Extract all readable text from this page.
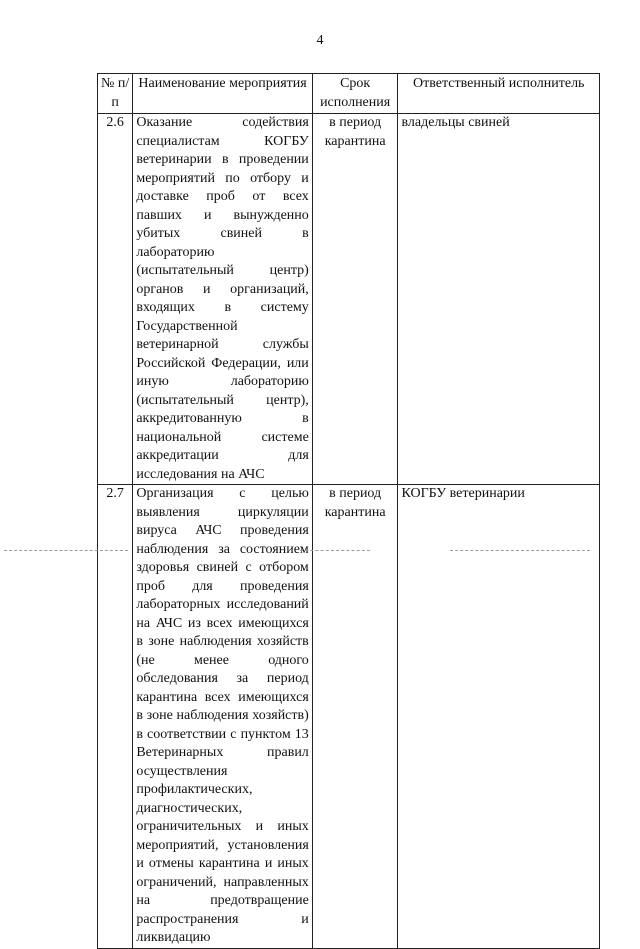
4
№ п/п	Наименование мероприятия	Срок исполнения	Ответственный исполнитель
2.6	Оказание содействия специалистам КОГБУ ветеринарии в проведении мероприятий по отбору и доставке проб от всех павших и вынужденно убитых свиней в лабораторию (испытательный центр) органов и организаций, входящих в систему Государственной ветеринарной службы Российской Федерации, или иную лабораторию (испытательный центр), аккредитованную в национальной системе аккредитации для исследования на АЧС	в период карантина	владельцы свиней
2.7	Организация с целью выявления циркуляции вируса АЧС проведения наблюдения за состоянием здоровья свиней с отбором проб для проведения лабораторных исследований на АЧС из всех имеющихся в зоне наблюдения хозяйств (не менее одного обследования за период карантина всех имеющихся в зоне наблюдения хозяйств) в соответствии с пунктом 13 Ветеринарных правил осуществления профилактических, диагностических, ограничительных и иных мероприятий, установления и отмены карантина и иных ограничений, направленных на предотвращение распространения и ликвидацию	в период карантина	КОГБУ ветеринарии
